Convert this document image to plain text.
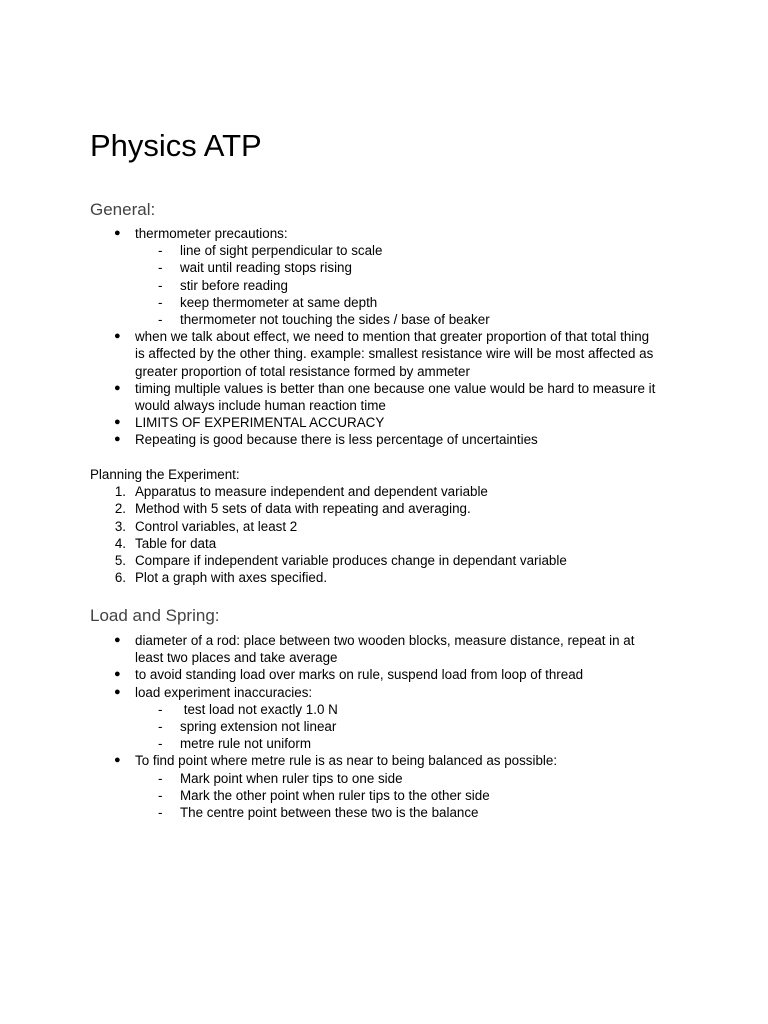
Physics ATP
General:
● thermometer precautions:
- line of sight perpendicular to scale
- wait until reading stops rising
- stir before reading
- keep thermometer at same depth
- thermometer not touching the sides / base of beaker
● when we talk about effect, we need to mention that greater proportion of that total thing
is affected by the other thing. example: smallest resistance wire will be most affected as
greater proportion of total resistance formed by ammeter
● timing multiple values is better than one because one value would be hard to measure it
would always include human reaction time
● LIMITS OF EXPERIMENTAL ACCURACY
● Repeating is good because there is less percentage of uncertainties
Planning the Experiment:
1. Apparatus to measure independent and dependent variable
2. Method with 5 sets of data with repeating and averaging.
3. Control variables, at least 2
4. Table for data
5. Compare if independent variable produces change in dependant variable
6. Plot a graph with axes specified.
Load and Spring:
● diameter of a rod: place between two wooden blocks, measure distance, repeat in at
least two places and take average
● to avoid standing load over marks on rule, suspend load from loop of thread
● load experiment inaccuracies:
- test load not exactly 1.0 N
- spring extension not linear
- metre rule not uniform
● To find point where metre rule is as near to being balanced as possible:
- Mark point when ruler tips to one side
- Mark the other point when ruler tips to the other side
- The centre point between these two is the balance
